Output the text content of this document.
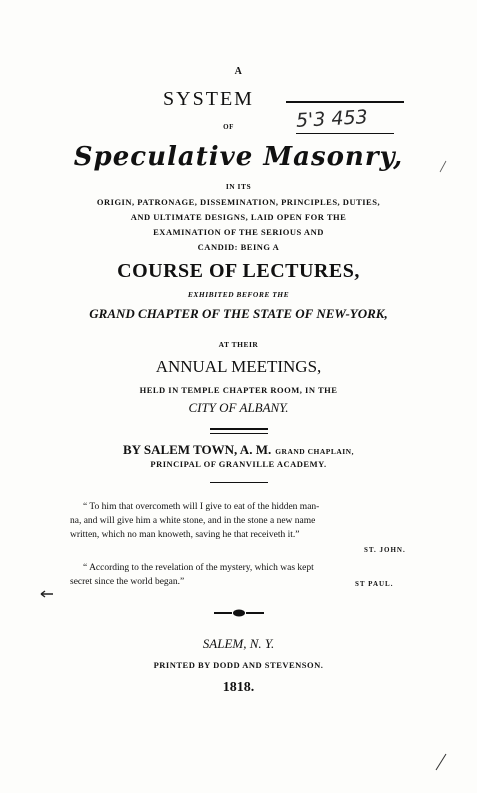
A
SYSTEM
OF	5'3 453
Speculative Masonry,
IN ITS
ORIGIN, PATRONAGE, DISSEMINATION, PRINCIPLES, DUTIES,
AND ULTIMATE DESIGNS, LAID OPEN FOR THE
EXAMINATION OF THE SERIOUS AND
CANDID: BEING A
COURSE OF LECTURES,
EXHIBITED BEFORE THE
GRAND CHAPTER OF THE STATE OF NEW-YORK,
AT THEIR
ANNUAL MEETINGS,
HELD IN TEMPLE CHAPTER ROOM, IN THE
CITY OF ALBANY.
BY SALEM TOWN, A. M. GRAND CHAPLAIN,
PRINCIPAL OF GRANVILLE ACADEMY.
“ To him that overcometh will I give to eat of the hidden man-
na, and will give him a white stone, and in the stone a new name
written, which no man knoweth, saving he that receiveth it.”
ST. JOHN.
“ According to the revelation of the mystery, which was kept
secret since the world began.”	ST PAUL.
SALEM, N. Y.
PRINTED BY DODD AND STEVENSON.
1818.
